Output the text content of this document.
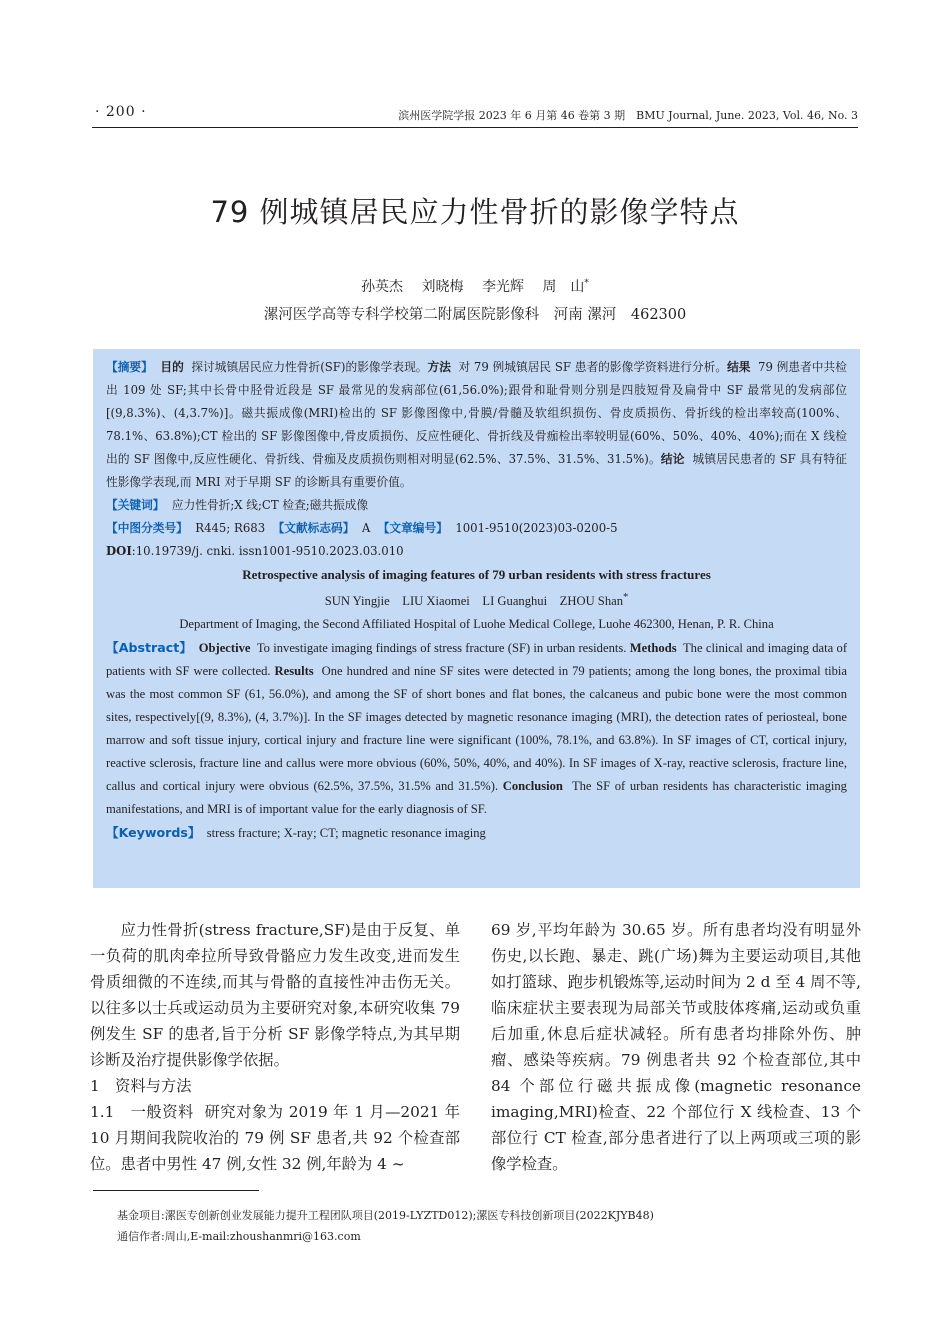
· 200 ·	滨州医学院学报 2023 年 6 月第 46 卷第 3 期　BMU Journal, June. 2023, Vol. 46, No. 3
79 例城镇居民应力性骨折的影像学特点
孙英杰 刘晓梅 李光辉 周　山*
漯河医学高等专科学校第二附属医院影像科　河南 漯河　462300

【摘要】 目的 探讨城镇居民应力性骨折(SF)的影像学表现。方法 对 79 例城镇居民 SF 患者的影像学资料进行分析。结果 79 例患者中共检出 109 处 SF;其中长骨中胫骨近段是 SF 最常见的发病部位(61,56.0%);跟骨和耻骨则分别是四肢短骨及扁骨中 SF 最常见的发病部位[(9,8.3%)、(4,3.7%)]。磁共振成像(MRI)检出的 SF 影像图像中,骨膜/骨髓及软组织损伤、骨皮质损伤、骨折线的检出率较高(100%、78.1%、63.8%);CT 检出的 SF 影像图像中,骨皮质损伤、反应性硬化、骨折线及骨痂检出率较明显(60%、50%、40%、40%);而在 X 线检出的 SF 图像中,反应性硬化、骨折线、骨痂及皮质损伤则相对明显(62.5%、37.5%、31.5%、31.5%)。结论 城镇居民患者的 SF 具有特征性影像学表现,而 MRI 对于早期 SF 的诊断具有重要价值。

【关键词】 应力性骨折;X 线;CT 检查;磁共振成像

【中图分类号】 R445; R683 【文献标志码】 A 【文章编号】 1001-9510(2023)03-0200-5

DOI:10.19739/j. cnki. issn1001-9510.2023.03.010

Retrospective analysis of imaging features of 79 urban residents with stress fractures

SUN Yingjie　LIU Xiaomei　LI Guanghui　ZHOU Shan*

Department of Imaging, the Second Affiliated Hospital of Luohe Medical College, Luohe 462300, Henan, P. R. China

【Abstract】 Objective To investigate imaging findings of stress fracture (SF) in urban residents. Methods The clinical and imaging data of patients with SF were collected. Results One hundred and nine SF sites were detected in 79 patients; among the long bones, the proximal tibia was the most common SF (61, 56.0%), and among the SF of short bones and flat bones, the calcaneus and pubic bone were the most common sites, respectively[(9, 8.3%), (4, 3.7%)]. In the SF images detected by magnetic resonance imaging (MRI), the detection rates of periosteal, bone marrow and soft tissue injury, cortical injury and fracture line were significant (100%, 78.1%, and 63.8%). In SF images of CT, cortical injury, reactive sclerosis, fracture line and callus were more obvious (60%, 50%, 40%, and 40%). In SF images of X-ray, reactive sclerosis, fracture line, callus and cortical injury were obvious (62.5%, 37.5%, 31.5% and 31.5%). Conclusion The SF of urban residents has characteristic imaging manifestations, and MRI is of important value for the early diagnosis of SF.

【Keywords】 stress fracture; X-ray; CT; magnetic resonance imaging

应力性骨折(stress fracture,SF)是由于反复、单一负荷的肌肉牵拉所导致骨骼应力发生改变,进而发生骨质细微的不连续,而其与骨骼的直接性冲击伤无关。以往多以士兵或运动员为主要研究对象,本研究收集 79 例发生 SF 的患者,旨于分析 SF 影像学特点,为其早期诊断及治疗提供影像学依据。

1　资料与方法

1.1　一般资料 研究对象为 2019 年 1 月—2021 年 10 月期间我院收治的 79 例 SF 患者,共 92 个检查部位。患者中男性 47 例,女性 32 例,年龄为 4 ~

69 岁,平均年龄为 30.65 岁。所有患者均没有明显外伤史,以长跑、暴走、跳(广场)舞为主要运动项目,其他如打篮球、跑步机锻炼等,运动时间为 2 d 至 4 周不等,临床症状主要表现为局部关节或肢体疼痛,运动或负重后加重,休息后症状减轻。所有患者均排除外伤、肿瘤、感染等疾病。79 例患者共 92 个检查部位,其中 84 个部位行磁共振成像(magnetic resonance imaging,MRI)检查、22 个部位行 X 线检查、13 个部位行 CT 检查,部分患者进行了以上两项或三项的影像学检查。

基金项目:漯医专创新创业发展能力提升工程团队项目(2019-LYZTD012);漯医专科技创新项目(2022KJYB48)
通信作者:周山,E-mail:zhoushanmri@163.com
